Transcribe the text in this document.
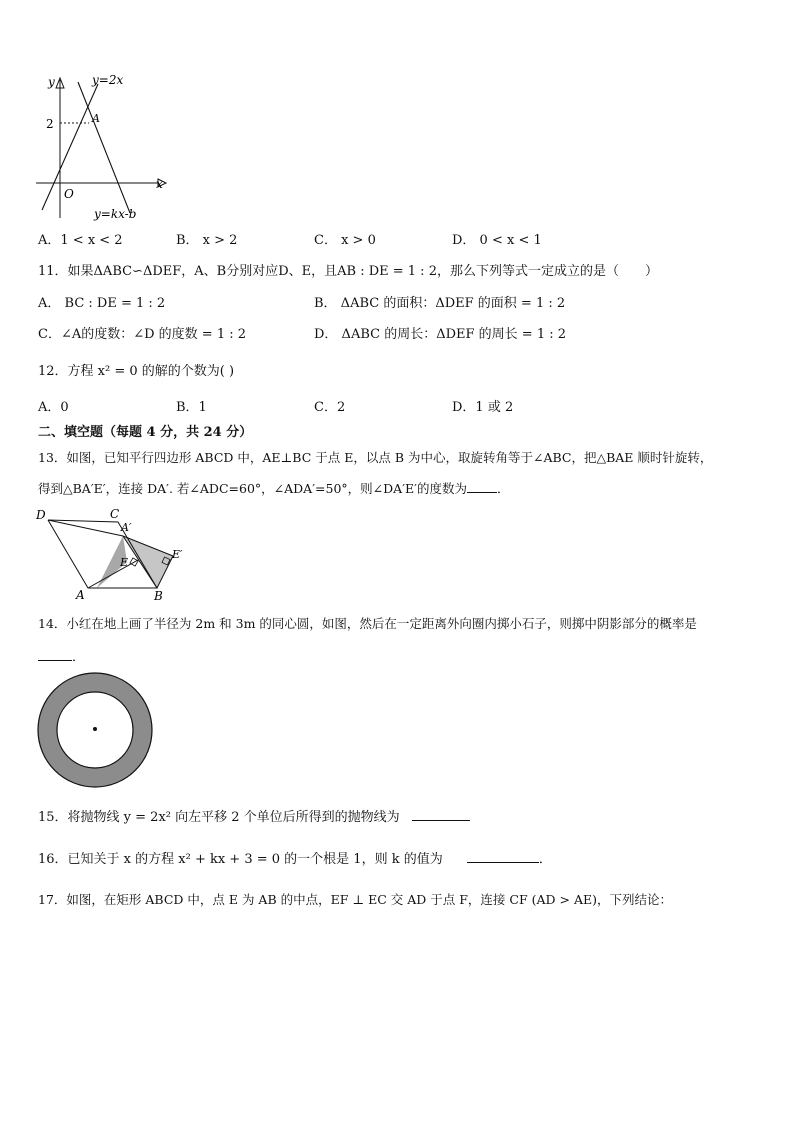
y
x
O
2	A
y=2x
y=kx-b
A．1 < x < 2	B． x > 2	C． x > 0	D． 0 < x < 1
11．如果ΔABC∽ΔDEF，A、B分别对应D、E，且AB : DE = 1 : 2，那么下列等式一定成立的是（　　）
A． BC : DE = 1 : 2	B． ΔABC 的面积：ΔDEF 的面积 = 1 : 2
C．∠A的度数：∠D 的度数 = 1 : 2	D． ΔABC 的周长：ΔDEF 的周长 = 1 : 2
12．方程 x² = 0 的解的个数为( )
A．0	B．1	C．2	D．1 或 2
二、填空题（每题 4 分，共 24 分）
13．如图，已知平行四边形 ABCD 中，AE⊥BC 于点 E，以点 B 为中心，取旋转角等于∠ABC，把△BAE 顺时针旋转，
得到△BA′E′，连接 DA′. 若∠ADC=60°，∠ADA′=50°，则∠DA′E′的度数为 ．
D	C
A′
E
E′
A	B
14．小红在地上画了半径为 2m 和 3m 的同心圆，如图，然后在一定距离外向圈内掷小石子，则掷中阴影部分的概率是
．
15．将抛物线 y = 2x² 向左平移 2 个单位后所得到的抛物线为
16．已知关于 x 的方程 x² + kx + 3 = 0 的一个根是 1，则 k 的值为	．
17．如图，在矩形 ABCD 中，点 E 为 AB 的中点，EF ⊥ EC 交 AD 于点 F，连接 CF (AD > AE)，下列结论：
